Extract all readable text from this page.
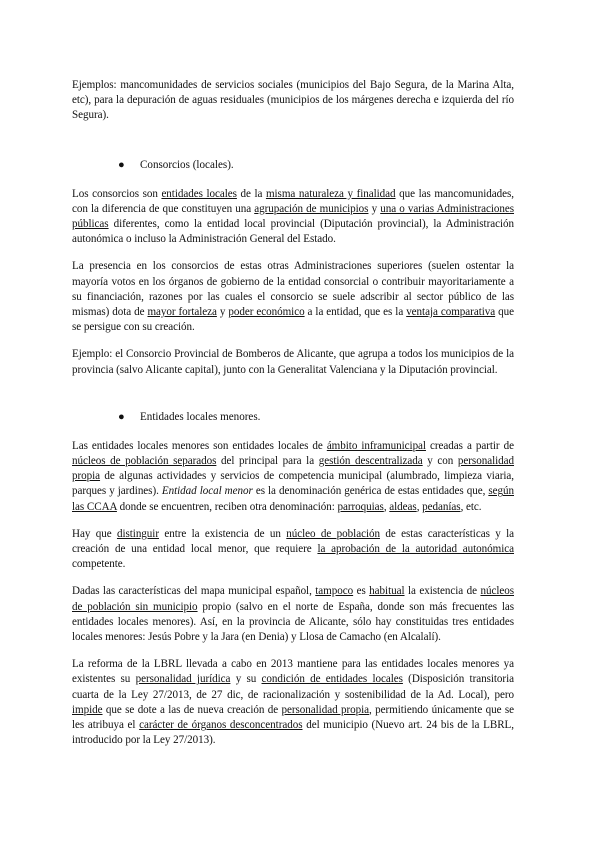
Ejemplos: mancomunidades de servicios sociales (municipios del Bajo Segura, de la Marina Alta, etc), para la depuración de aguas residuales (municipios de los márgenes derecha e izquierda del río Segura).

● Consorcios (locales).

Los consorcios son entidades locales de la misma naturaleza y finalidad que las mancomunidades, con la diferencia de que constituyen una agrupación de municipios y una o varias Administraciones públicas diferentes, como la entidad local provincial (Diputación provincial), la Administración autonómica o incluso la Administración General del Estado.

La presencia en los consorcios de estas otras Administraciones superiores (suelen ostentar la mayoría votos en los órganos de gobierno de la entidad consorcial o contribuir mayoritariamente a su financiación, razones por las cuales el consorcio se suele adscribir al sector público de las mismas) dota de mayor fortaleza y poder económico a la entidad, que es la ventaja comparativa que se persigue con su creación.

Ejemplo: el Consorcio Provincial de Bomberos de Alicante, que agrupa a todos los municipios de la provincia (salvo Alicante capital), junto con la Generalitat Valenciana y la Diputación provincial.

● Entidades locales menores.

Las entidades locales menores son entidades locales de ámbito inframunicipal creadas a partir de núcleos de población separados del principal para la gestión descentralizada y con personalidad propia de algunas actividades y servicios de competencia municipal (alumbrado, limpieza viaria, parques y jardines). Entidad local menor es la denominación genérica de estas entidades que, según las CCAA donde se encuentren, reciben otra denominación: parroquias, aldeas, pedanías, etc.

Hay que distinguir entre la existencia de un núcleo de población de estas características y la creación de una entidad local menor, que requiere la aprobación de la autoridad autonómica competente.

Dadas las características del mapa municipal español, tampoco es habitual la existencia de núcleos de población sin municipio propio (salvo en el norte de España, donde son más frecuentes las entidades locales menores). Así, en la provincia de Alicante, sólo hay constituidas tres entidades locales menores: Jesús Pobre y la Jara (en Denia) y Llosa de Camacho (en Alcalalí).

La reforma de la LBRL llevada a cabo en 2013 mantiene para las entidades locales menores ya existentes su personalidad jurídica y su condición de entidades locales (Disposición transitoria cuarta de la Ley 27/2013, de 27 dic, de racionalización y sostenibilidad de la Ad. Local), pero impide que se dote a las de nueva creación de personalidad propia, permitiendo únicamente que se les atribuya el carácter de órganos desconcentrados del municipio (Nuevo art. 24 bis de la LBRL, introducido por la Ley 27/2013).
